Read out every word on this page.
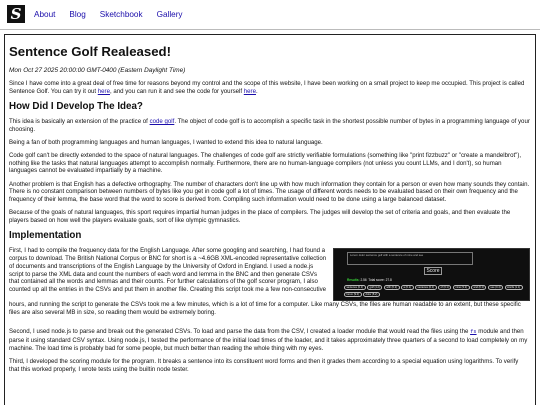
S	About Blog Sketchbook Gallery
Sentence Golf Realeased!
Mon Oct 27 2025 20:00:00 GMT-0400 (Eastern Daylight Time)

Since I have come into a great deal of free time for reasons beyond my control and the scope of this website, I have been working on a small project to keep me occupied. This project is called Sentence Golf. You can try it out here, and you can run it and see the code for yourself here.

How Did I Develop The Idea?

This idea is basically an extension of the practice of code golf. The object of code golf is to accomplish a specific task in the shortest possible number of bytes in a programming language of your choosing.

Being a fan of both programming languages and human languages, I wanted to extend this idea to natural language.

Code golf can't be directly extended to the space of natural languages. The challenges of code golf are strictly verifiable formulations (something like "print fizzbuzz" or "create a mandelbrot"), nothing like the tasks that natural languages attempt to accomplish normally. Furthermore, there are no human-language compilers (not unless you count LLMs, and I don't), so human languages cannot be evaluated impartially by a machine.

Another problem is that English has a defective orthography. The number of characters don't line up with how much information they contain for a person or even how many sounds they contain. There is no constant comparison between numbers of bytes like you get in code golf a lot of times. The usage of different words needs to be evaluated based on their own frequency and the frequency of their lemma, the base word that the word to score is derived from. Compiling such information would need to be done using a large balanced dataset.

Because of the goals of natural languages, this sport requires impartial human judges in the place of compilers. The judges will develop the set of criteria and goals, and then evaluate the players based on how well the players evaluate goals, sort of like olympic gymnastics.

Implementation

First, I had to compile the frequency data for the English Language. After some googling and searching, I had found a corpus to download. The British National Corpus or BNC for short is a ~4.6GB XML-encoded representative collection of documents and transcriptions of the English Language by the University of Oxford in England. I used a node.js script to parse the XML data and count the numbers of each word and lemma in the BNC and then generate CSVs that contained all the words and lemmas and their counts. For further calculations of the golf scorer program, I also counted up all the entries in the CSVs and put them in another file. Creating this script took me a few non-consecutive

Lorem dolor sentence golf with a sentence of mine and see
Score
Results: 2.56 Total score: 27.8
sentence (0.1)	golf (4.2)	with (0.2)	a (0.1)	sentence (0.1)	of (0.1)	mine (3.2)	and (0.1)	see (0.4)	words (1.1)
lorem (9.0)	dolor (8.2)

hours, and running the script to generate the CSVs took me a few minutes, which is a lot of time for a computer. Like many CSVs, the files are human readable to an extent, but these specific files are also several MB in size, so reading them would be extremely boring.

Second, I used node.js to parse and break out the generated CSVs. To load and parse the data from the CSV, I created a loader module that would read the files using the fs module and then parse it using standard CSV syntax. Using node.js, I tested the performance of the initial load times of the loader, and it takes approximately three quarters of a second to load completely on my machine. The load time is probably bad for some people, but much better than reading the whole thing with my eyes.

Third, I developed the scoring module for the program. It breaks a sentence into its constituent word forms and then it grades them according to a special equation using logarithms. To verify that this worked properly, I wrote tests using the builtin node tester.
